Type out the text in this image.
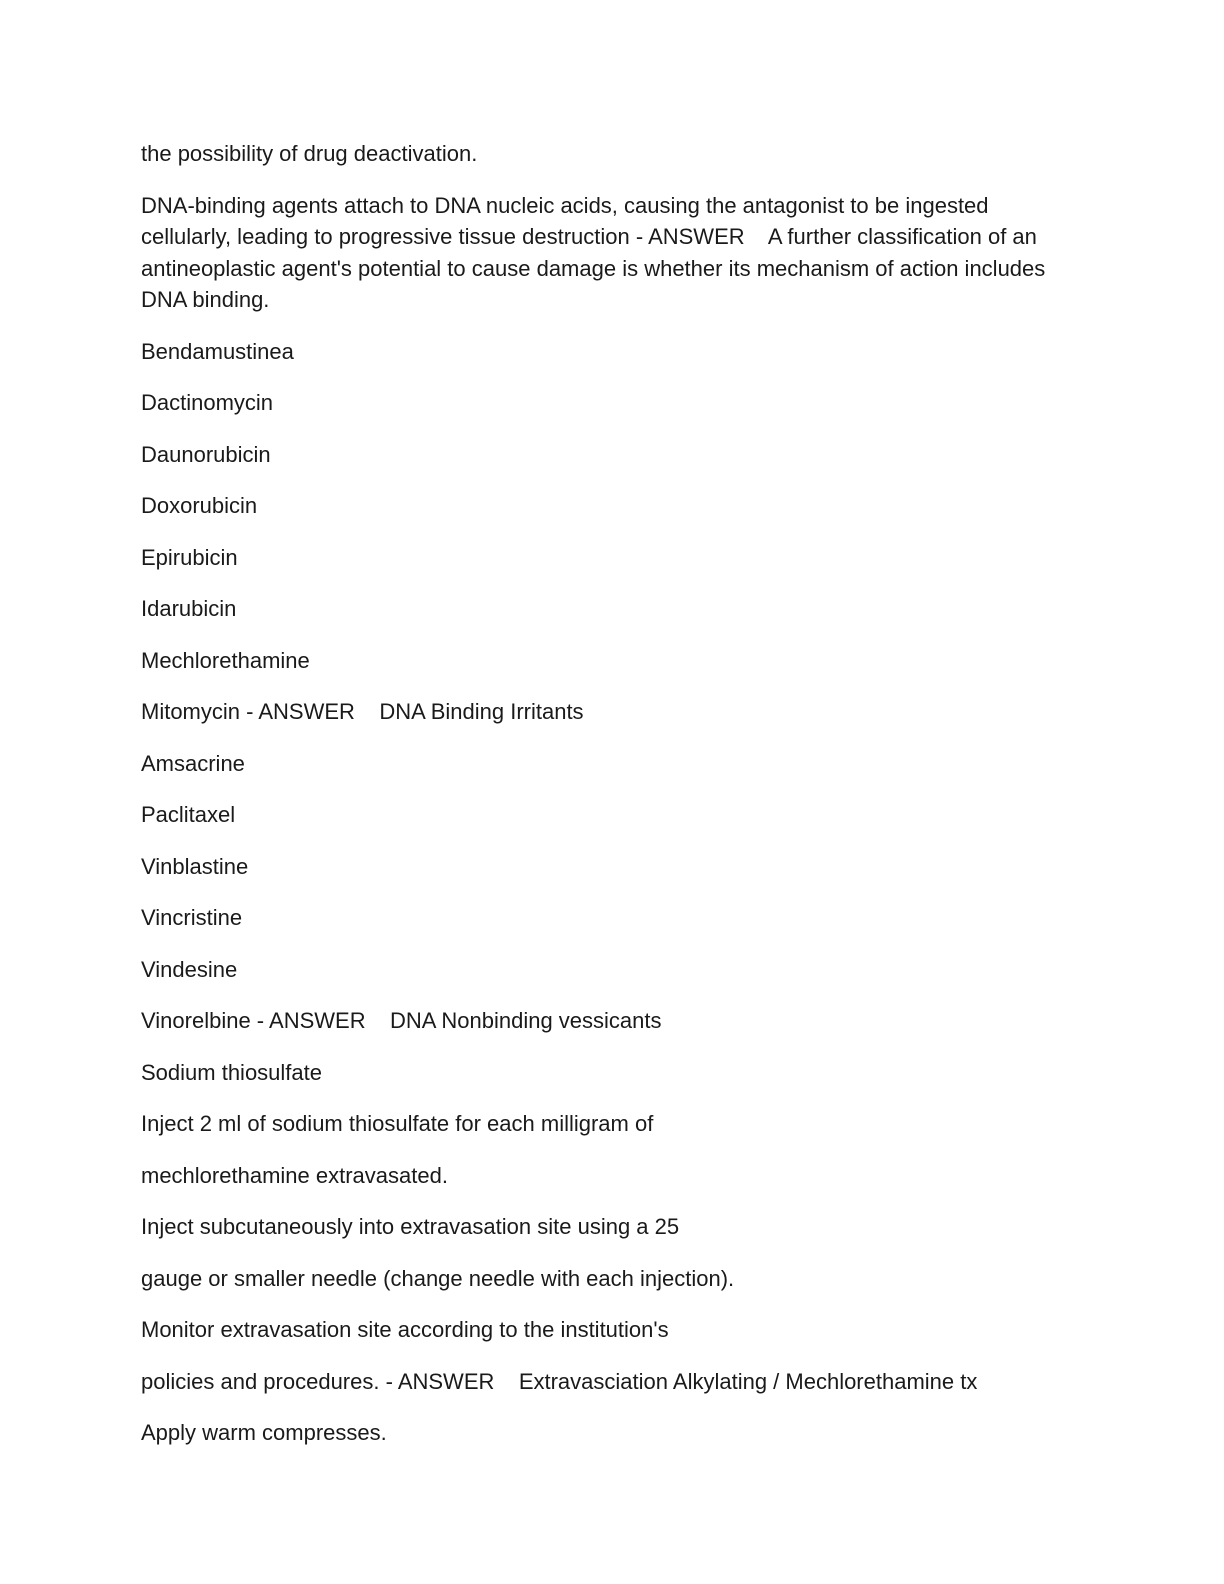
the possibility of drug deactivation.

DNA-binding agents attach to DNA nucleic acids, causing the antagonist to be ingested cellularly, leading to progressive tissue destruction - ANSWER    A further classification of an antineoplastic agent's potential to cause damage is whether its mechanism of action includes DNA binding.

Bendamustinea

Dactinomycin

Daunorubicin

Doxorubicin

Epirubicin

Idarubicin

Mechlorethamine

Mitomycin - ANSWER    DNA Binding Irritants

Amsacrine

Paclitaxel

Vinblastine

Vincristine

Vindesine

Vinorelbine - ANSWER    DNA Nonbinding vessicants

Sodium thiosulfate

Inject 2 ml of sodium thiosulfate for each milligram of

mechlorethamine extravasated.

Inject subcutaneously into extravasation site using a 25

gauge or smaller needle (change needle with each injection).

Monitor extravasation site according to the institution's

policies and procedures. - ANSWER    Extravasciation Alkylating / Mechlorethamine tx

Apply warm compresses.
